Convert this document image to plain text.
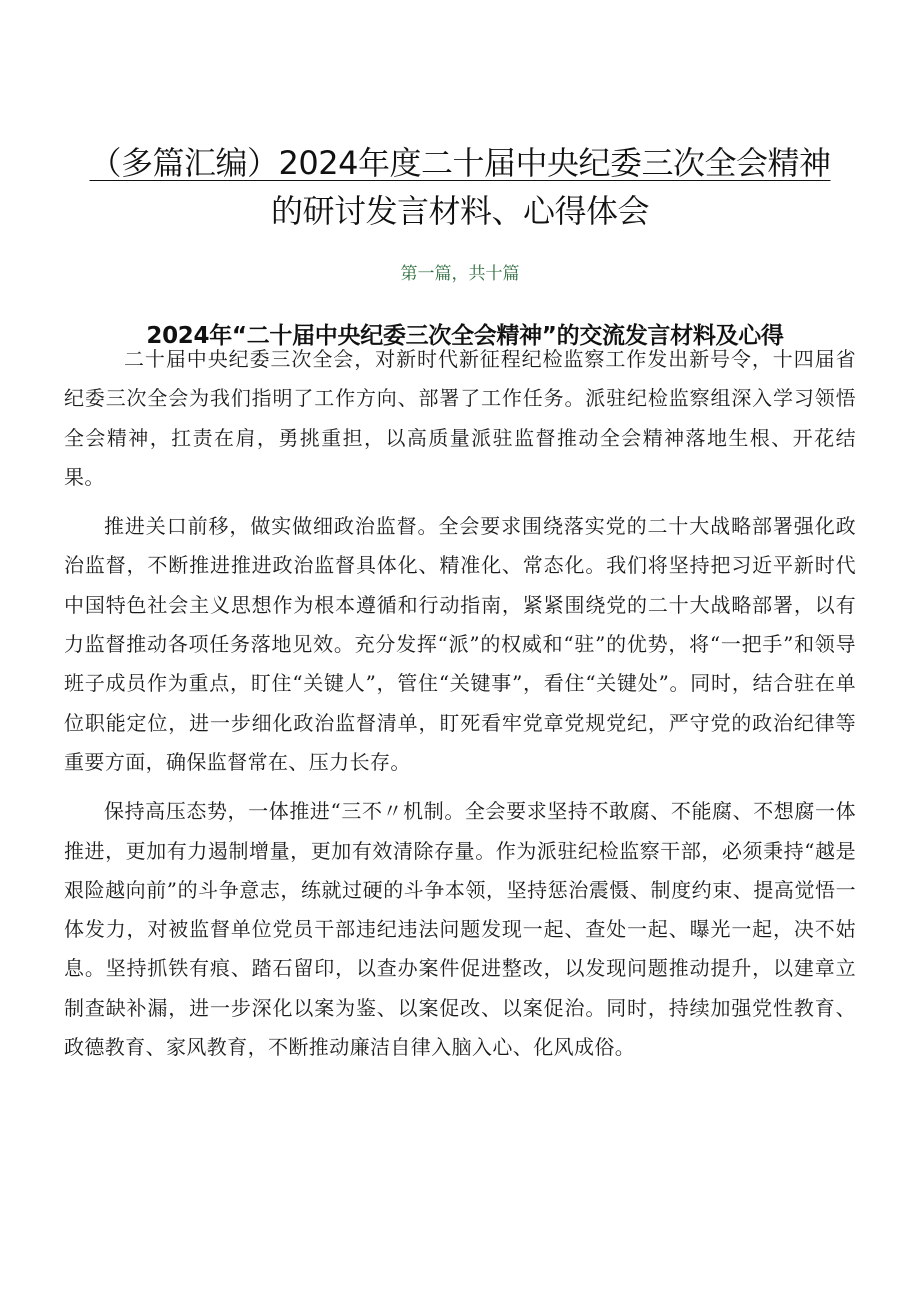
（多篇汇编）2024年度二十届中央纪委三次全会精神
的研讨发言材料、心得体会
第一篇，共十篇
2024年“二十届中央纪委三次全会精神”的交流发言材料及心得

二十届中央纪委三次全会，对新时代新征程纪检监察工作发出新号令，十四届省纪委三次全会为我们指明了工作方向、部署了工作任务。派驻纪检监察组深入学习领悟全会精神，扛责在肩，勇挑重担，以高质量派驻监督推动全会精神落地生根、开花结果。

推进关口前移，做实做细政治监督。全会要求围绕落实党的二十大战略部署强化政治监督，不断推进推进政治监督具体化、精准化、常态化。我们将坚持把习近平新时代中国特色社会主义思想作为根本遵循和行动指南，紧紧围绕党的二十大战略部署，以有力监督推动各项任务落地见效。充分发挥“派”的权威和“驻”的优势，将“一把手”和领导班子成员作为重点，盯住“关键人”，管住“关键事”，看住“关键处”。同时，结合驻在单位职能定位，进一步细化政治监督清单，盯死看牢党章党规党纪，严守党的政治纪律等重要方面，确保监督常在、压力长存。

保持高压态势，一体推进“三不〃机制。全会要求坚持不敢腐、不能腐、不想腐一体推进，更加有力遏制增量，更加有效清除存量。作为派驻纪检监察干部，必须秉持“越是艰险越向前”的斗争意志，练就过硬的斗争本领，坚持惩治震慑、制度约束、提高觉悟一体发力，对被监督单位党员干部违纪违法问题发现一起、查处一起、曝光一起，决不姑息。坚持抓铁有痕、踏石留印，以查办案件促进整改，以发现问题推动提升，以建章立制查缺补漏，进一步深化以案为鉴、以案促改、以案促治。同时，持续加强党性教育、政德教育、家风教育，不断推动廉洁自律入脑入心、化风成俗。
